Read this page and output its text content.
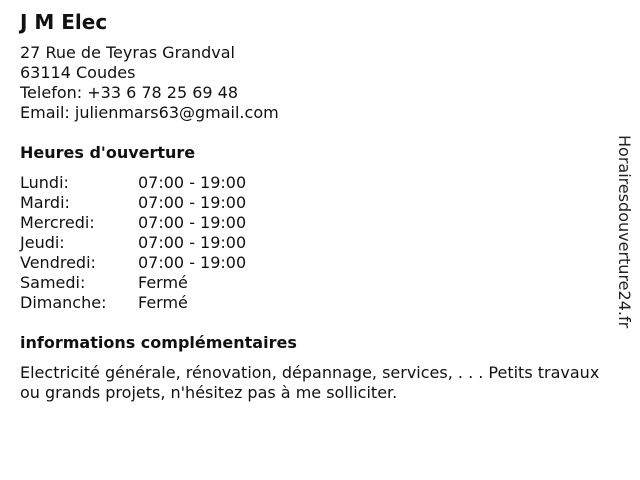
J M Elec
27 Rue de Teyras Grandval
63114 Coudes
Telefon: +33 6 78 25 69 48
Email: julienmars63@gmail.com
Heures d'ouverture
Lundi:	07:00 - 19:00
Mardi:	07:00 - 19:00
Mercredi:	07:00 - 19:00
Jeudi:	07:00 - 19:00
Vendredi:	07:00 - 19:00
Samedi:	Fermé
Dimanche:	Fermé
informations complémentaires
Electricité générale, rénovation, dépannage, services, . . . Petits travaux ou grands projets, n'hésitez pas à me solliciter.
Horairesdouverture24.fr
